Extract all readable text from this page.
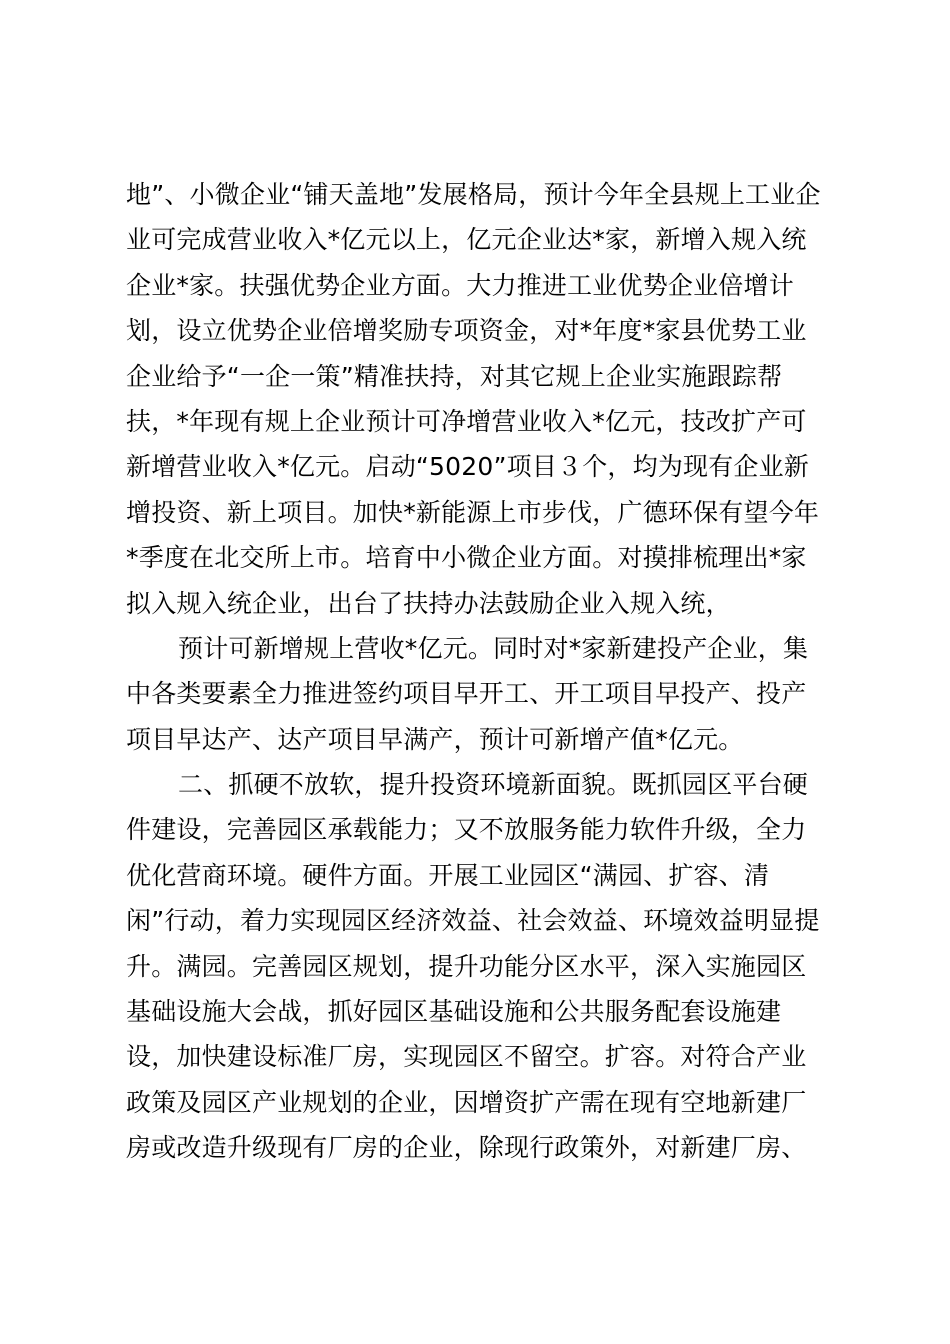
地”、小微企业“铺天盖地”发展格局，预计今年全县规上工业企
业可完成营业收入*亿元以上，亿元企业达*家，新增入规入统
企业*家。扶强优势企业方面。大力推进工业优势企业倍增计
划，设立优势企业倍增奖励专项资金，对*年度*家县优势工业
企业给予“一企一策”精准扶持，对其它规上企业实施跟踪帮
扶，*年现有规上企业预计可净增营业收入*亿元，技改扩产可
新增营业收入*亿元。启动“5020”项目３个，均为现有企业新
增投资、新上项目。加快*新能源上市步伐，广德环保有望今年
*季度在北交所上市。培育中小微企业方面。对摸排梳理出*家
拟入规入统企业，出台了扶持办法鼓励企业入规入统，
预计可新增规上营收*亿元。同时对*家新建投产企业，集
中各类要素全力推进签约项目早开工、开工项目早投产、投产
项目早达产、达产项目早满产，预计可新增产值*亿元。
二、抓硬不放软，提升投资环境新面貌。既抓园区平台硬
件建设，完善园区承载能力；又不放服务能力软件升级，全力
优化营商环境。硬件方面。开展工业园区“满园、扩容、清
闲”行动，着力实现园区经济效益、社会效益、环境效益明显提
升。满园。完善园区规划，提升功能分区水平，深入实施园区
基础设施大会战，抓好园区基础设施和公共服务配套设施建
设，加快建设标准厂房，实现园区不留空。扩容。对符合产业
政策及园区产业规划的企业，因增资扩产需在现有空地新建厂
房或改造升级现有厂房的企业，除现行政策外，对新建厂房、
